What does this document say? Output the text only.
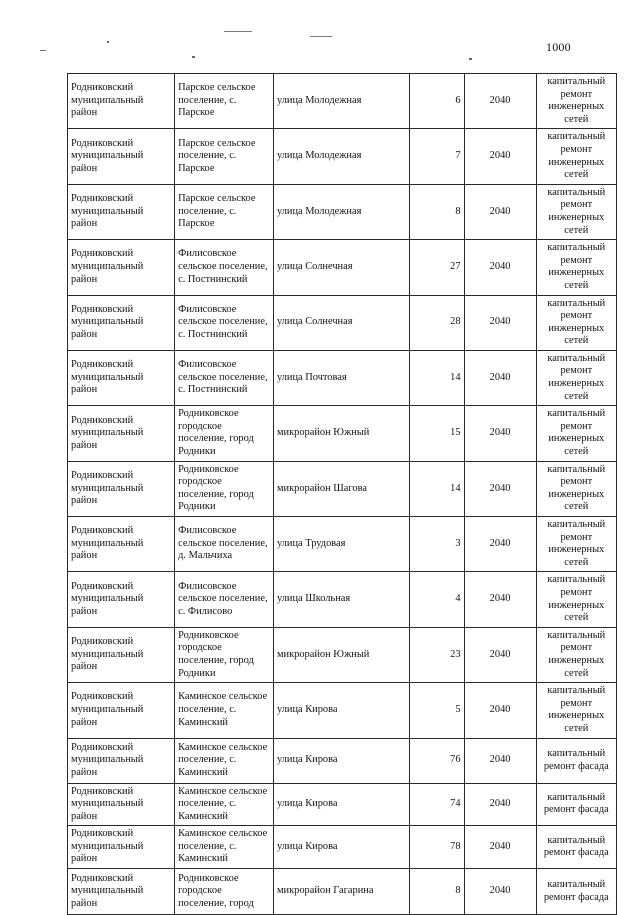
1000
Родниковский муниципальный район	Парское сельское поселение, с. Парское	улица Молодежная	6	2040	капитальный ремонт инженерных сетей
Родниковский муниципальный район	Парское сельское поселение, с. Парское	улица Молодежная	7	2040	капитальный ремонт инженерных сетей
Родниковский муниципальный район	Парское сельское поселение, с. Парское	улица Молодежная	8	2040	капитальный ремонт инженерных сетей
Родниковский муниципальный район	Филисовское сельское поселение, с. Постнинский	улица Солнечная	27	2040	капитальный ремонт инженерных сетей
Родниковский муниципальный район	Филисовское сельское поселение, с. Постнинский	улица Солнечная	28	2040	капитальный ремонт инженерных сетей
Родниковский муниципальный район	Филисовское сельское поселение, с. Постнинский	улица Почтовая	14	2040	капитальный ремонт инженерных сетей
Родниковский муниципальный район	Родниковское городское поселение, город Родники	микрорайон Южный	15	2040	капитальный ремонт инженерных сетей
Родниковский муниципальный район	Родниковское городское поселение, город Родники	микрорайон Шагова	14	2040	капитальный ремонт инженерных сетей
Родниковский муниципальный район	Филисовское сельское поселение, д. Мальчиха	улица Трудовая	3	2040	капитальный ремонт инженерных сетей
Родниковский муниципальный район	Филисовское сельское поселение, с. Филисово	улица Школьная	4	2040	капитальный ремонт инженерных сетей
Родниковский муниципальный район	Родниковское городское поселение, город Родники	микрорайон Южный	23	2040	капитальный ремонт инженерных сетей
Родниковский муниципальный район	Каминское сельское поселение, с. Каминский	улица Кирова	5	2040	капитальный ремонт инженерных сетей
Родниковский муниципальный район	Каминское сельское поселение, с. Каминский	улица Кирова	76	2040	капитальный ремонт фасада
Родниковский муниципальный район	Каминское сельское поселение, с. Каминский	улица Кирова	74	2040	капитальный ремонт фасада
Родниковский муниципальный район	Каминское сельское поселение, с. Каминский	улица Кирова	78	2040	капитальный ремонт фасада
Родниковский муниципальный район	Родниковское городское поселение, город	микрорайон Гагарина	8	2040	капитальный ремонт фасада
